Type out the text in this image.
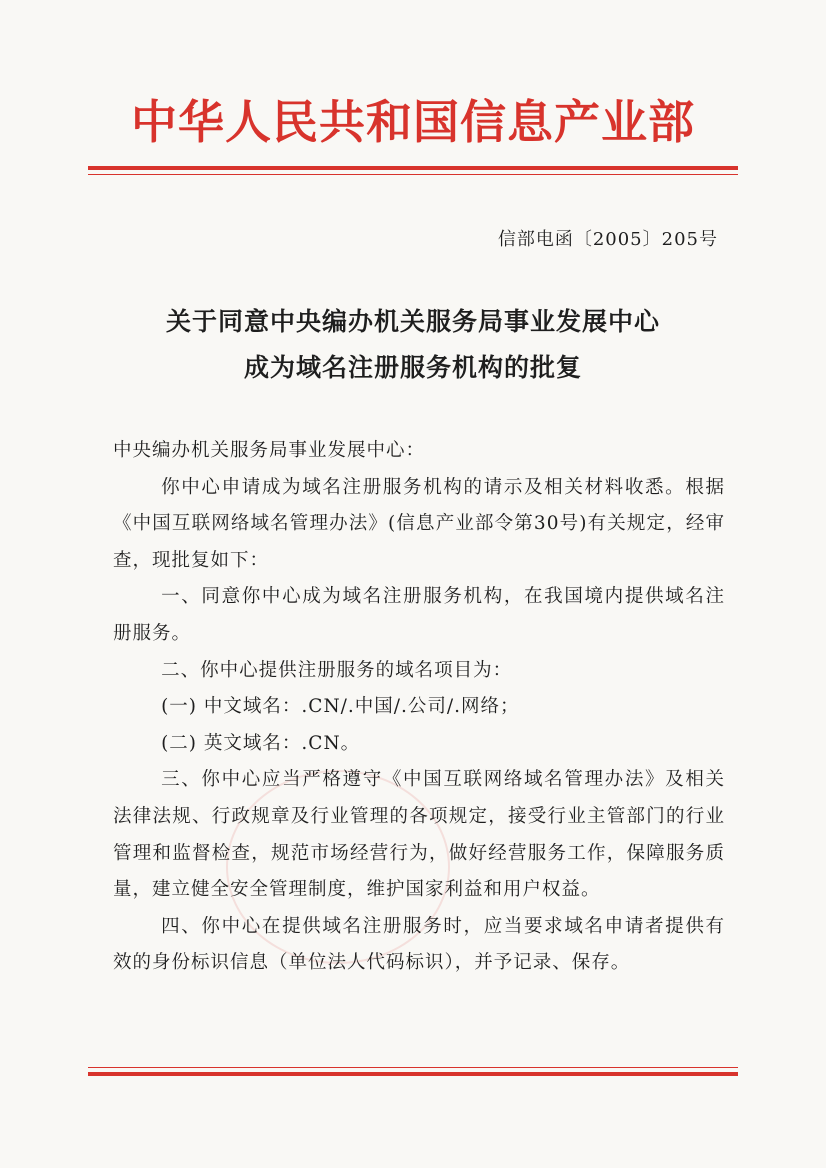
中华人民共和国信息产业部
信部电函〔2005〕205号
关于同意中央编办机关服务局事业发展中心
成为域名注册服务机构的批复

中央编办机关服务局事业发展中心：

你中心申请成为域名注册服务机构的请示及相关材料收悉。根据《中国互联网络域名管理办法》(信息产业部令第30号)有关规定，经审查，现批复如下：

一、同意你中心成为域名注册服务机构，在我国境内提供域名注册服务。

二、你中心提供注册服务的域名项目为：

(一) 中文域名：.CN/.中国/.公司/.网络；

(二) 英文域名：.CN。

三、你中心应当严格遵守《中国互联网络域名管理办法》及相关法律法规、行政规章及行业管理的各项规定，接受行业主管部门的行业管理和监督检查，规范市场经营行为，做好经营服务工作，保障服务质量，建立健全安全管理制度，维护国家利益和用户权益。

四、你中心在提供域名注册服务时，应当要求域名申请者提供有效的身份标识信息（单位法人代码标识），并予记录、保存。
